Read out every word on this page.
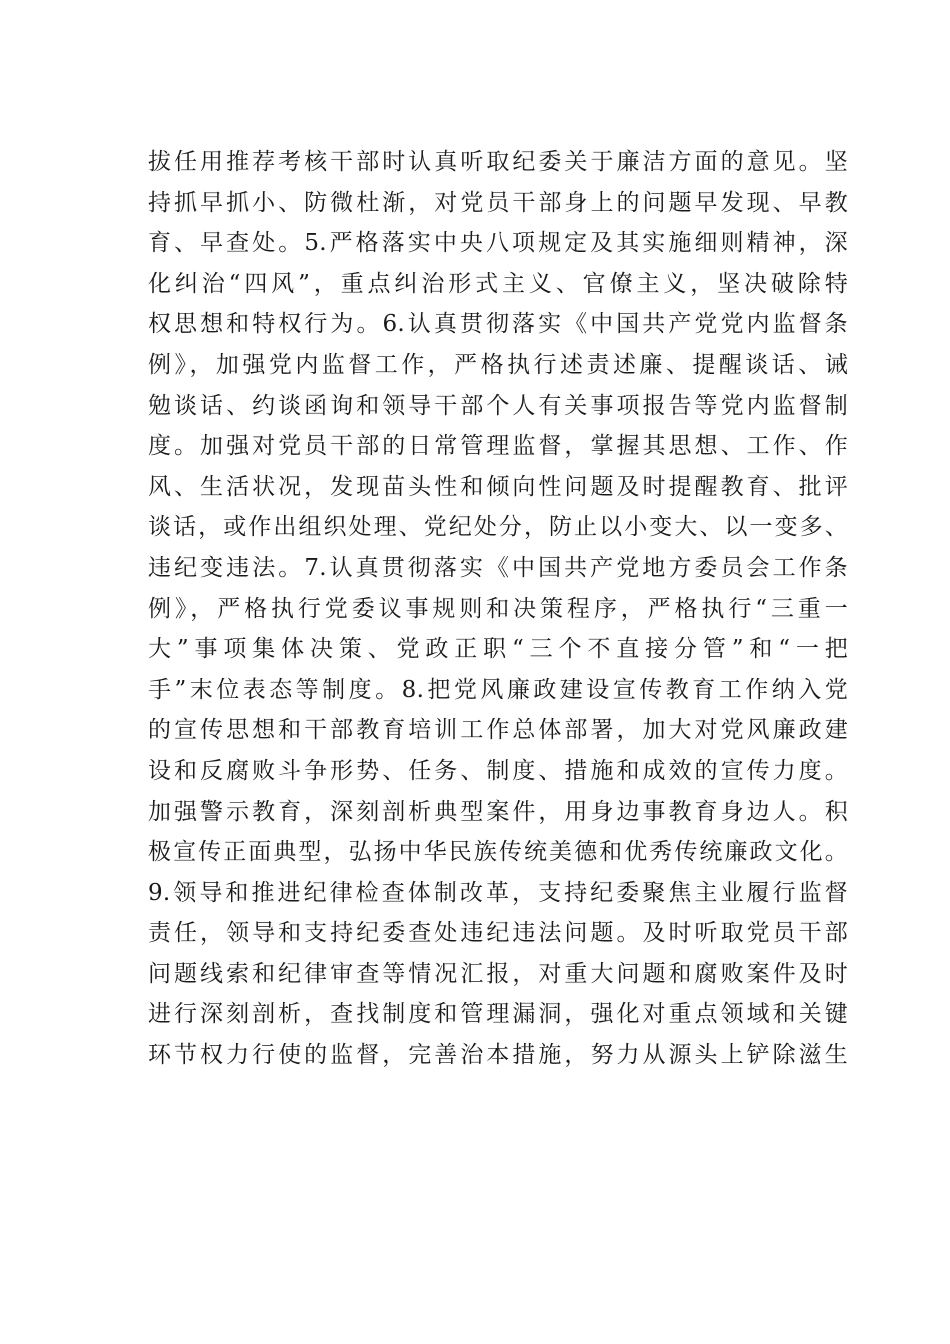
拔任用推荐考核干部时认真听取纪委关于廉洁方面的意见。坚
持抓早抓小、防微杜渐，对党员干部身上的问题早发现、早教
育、早查处。5.严格落实中央八项规定及其实施细则精神，深
化纠治“四风”，重点纠治形式主义、官僚主义，坚决破除特
权思想和特权行为。6.认真贯彻落实《中国共产党党内监督条
例》，加强党内监督工作，严格执行述责述廉、提醒谈话、诫
勉谈话、约谈函询和领导干部个人有关事项报告等党内监督制
度。加强对党员干部的日常管理监督，掌握其思想、工作、作
风、生活状况，发现苗头性和倾向性问题及时提醒教育、批评
谈话，或作出组织处理、党纪处分，防止以小变大、以一变多、
违纪变违法。7.认真贯彻落实《中国共产党地方委员会工作条
例》，严格执行党委议事规则和决策程序，严格执行“三重一
大”事项集体决策、党政正职“三个不直接分管”和“一把
手”末位表态等制度。8.把党风廉政建设宣传教育工作纳入党
的宣传思想和干部教育培训工作总体部署，加大对党风廉政建
设和反腐败斗争形势、任务、制度、措施和成效的宣传力度。
加强警示教育，深刻剖析典型案件，用身边事教育身边人。积
极宣传正面典型，弘扬中华民族传统美德和优秀传统廉政文化。
9.领导和推进纪律检查体制改革，支持纪委聚焦主业履行监督
责任，领导和支持纪委查处违纪违法问题。及时听取党员干部
问题线索和纪律审查等情况汇报，对重大问题和腐败案件及时
进行深刻剖析，查找制度和管理漏洞，强化对重点领域和关键
环节权力行使的监督，完善治本措施，努力从源头上铲除滋生
